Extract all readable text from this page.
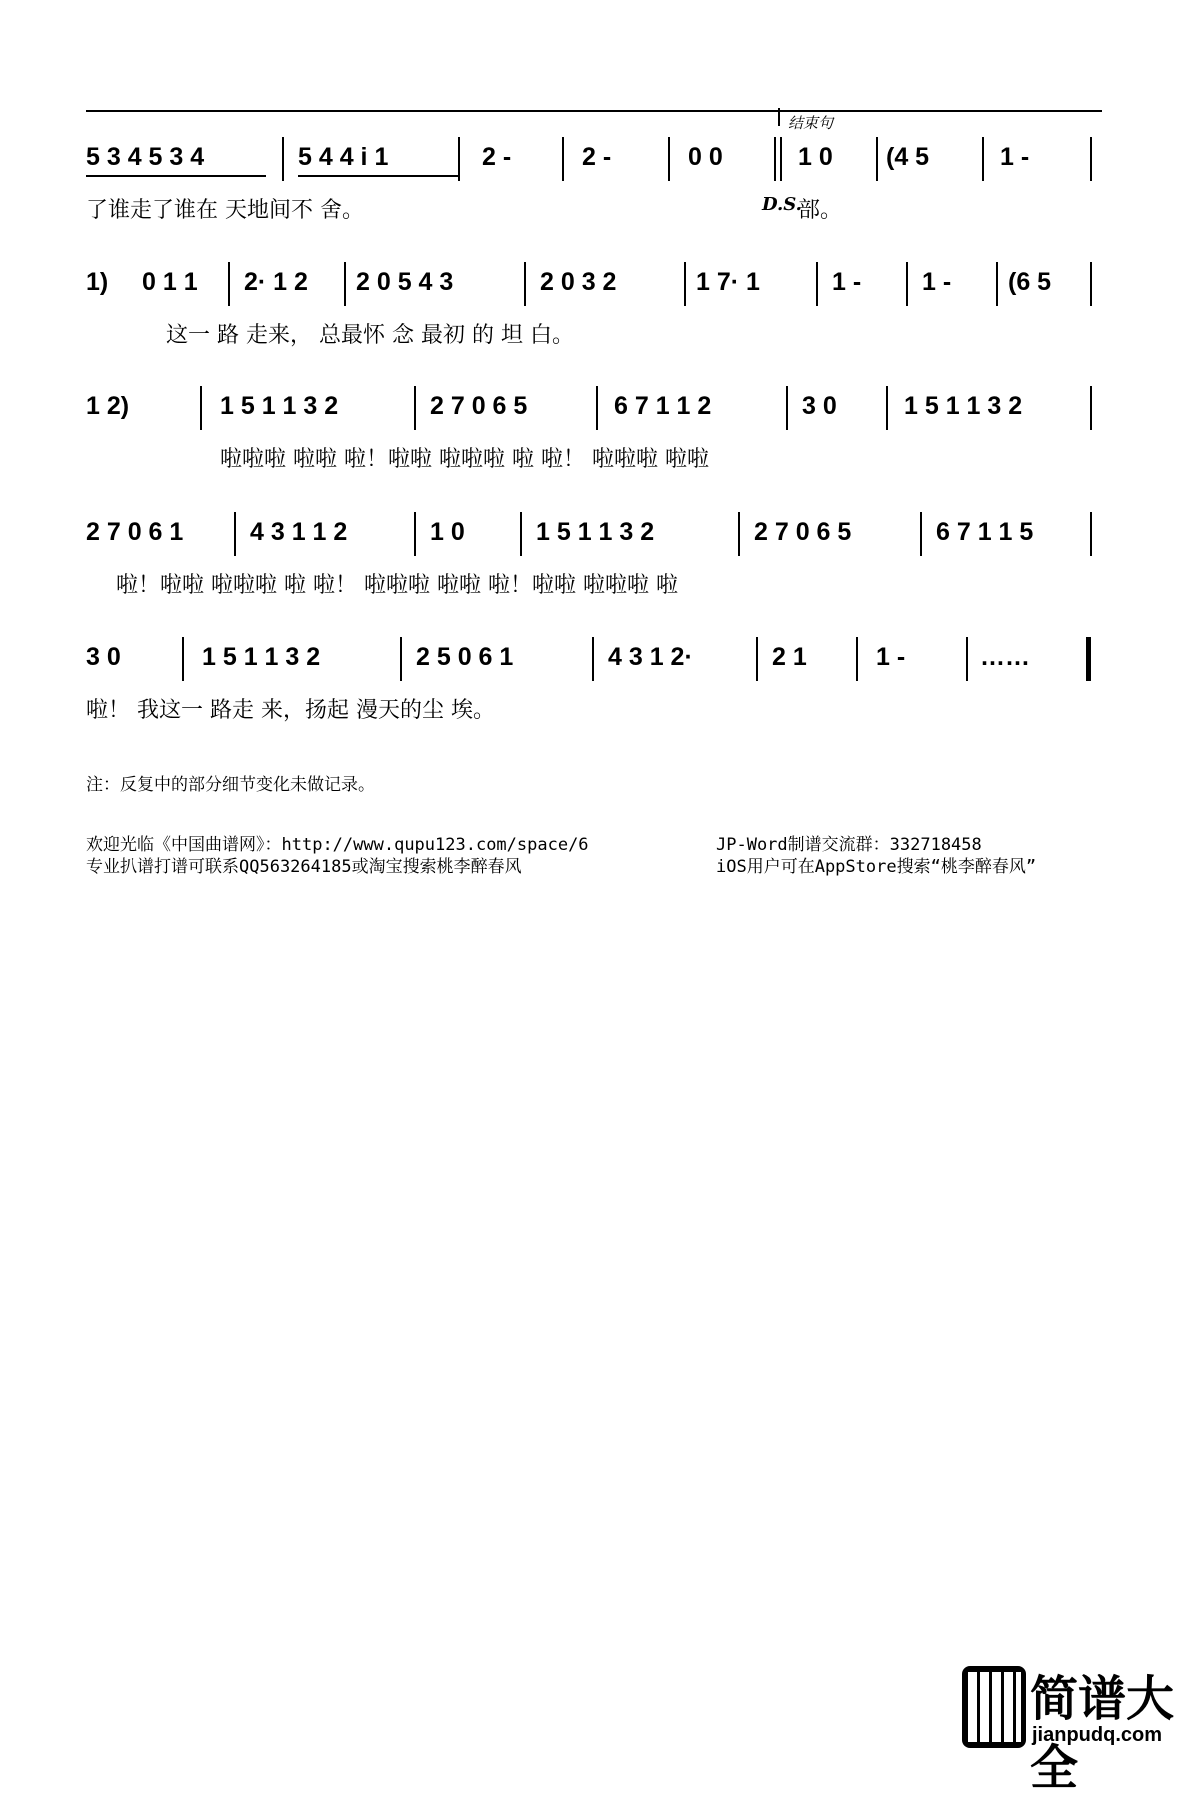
结束句
5 3 4 5 3 4	5 4 4 i 1	2 -	2 -	0 0	1 0 (4 5	1 -
了谁走了谁在 天地间不 舍。	D.S.
部。
1) 0 1 1 2· 1 2 2 0 5 4 3	2 0 3 2	1 7· 1	1 - 1 - (6 5
这一 路 走来， 总最怀 念 最初 的 坦 白。
1 2)	1 5 1 1 3 2	2 7 0 6 5	6 7 1 1 2	3 0	1 5 1 1 3 2
啦啦啦 啦啦 啦！啦啦 啦啦啦 啦 啦！ 啦啦啦 啦啦
2 7 0 6 1	4 3 1 1 2	1 0	1 5 1 1 3 2	2 7 0 6 5	6 7 1 1 5
啦！啦啦 啦啦啦 啦 啦！ 啦啦啦 啦啦 啦！啦啦 啦啦啦 啦
3 0	1 5 1 1 3 2	2 5 0 6 1	4 3 1 2·	2 1	1 -	……
啦！ 我这一 路走 来，扬起 漫天的尘 埃。
注：反复中的部分细节变化未做记录。
欢迎光临《中国曲谱网》：http://www.qupu123.com/space/6
专业扒谱打谱可联系QQ563264185或淘宝搜索桃李醉春风
JP-Word制谱交流群：332718458
iOS用户可在AppStore搜索“桃李醉春风”
简谱大全
jianpudq.com
